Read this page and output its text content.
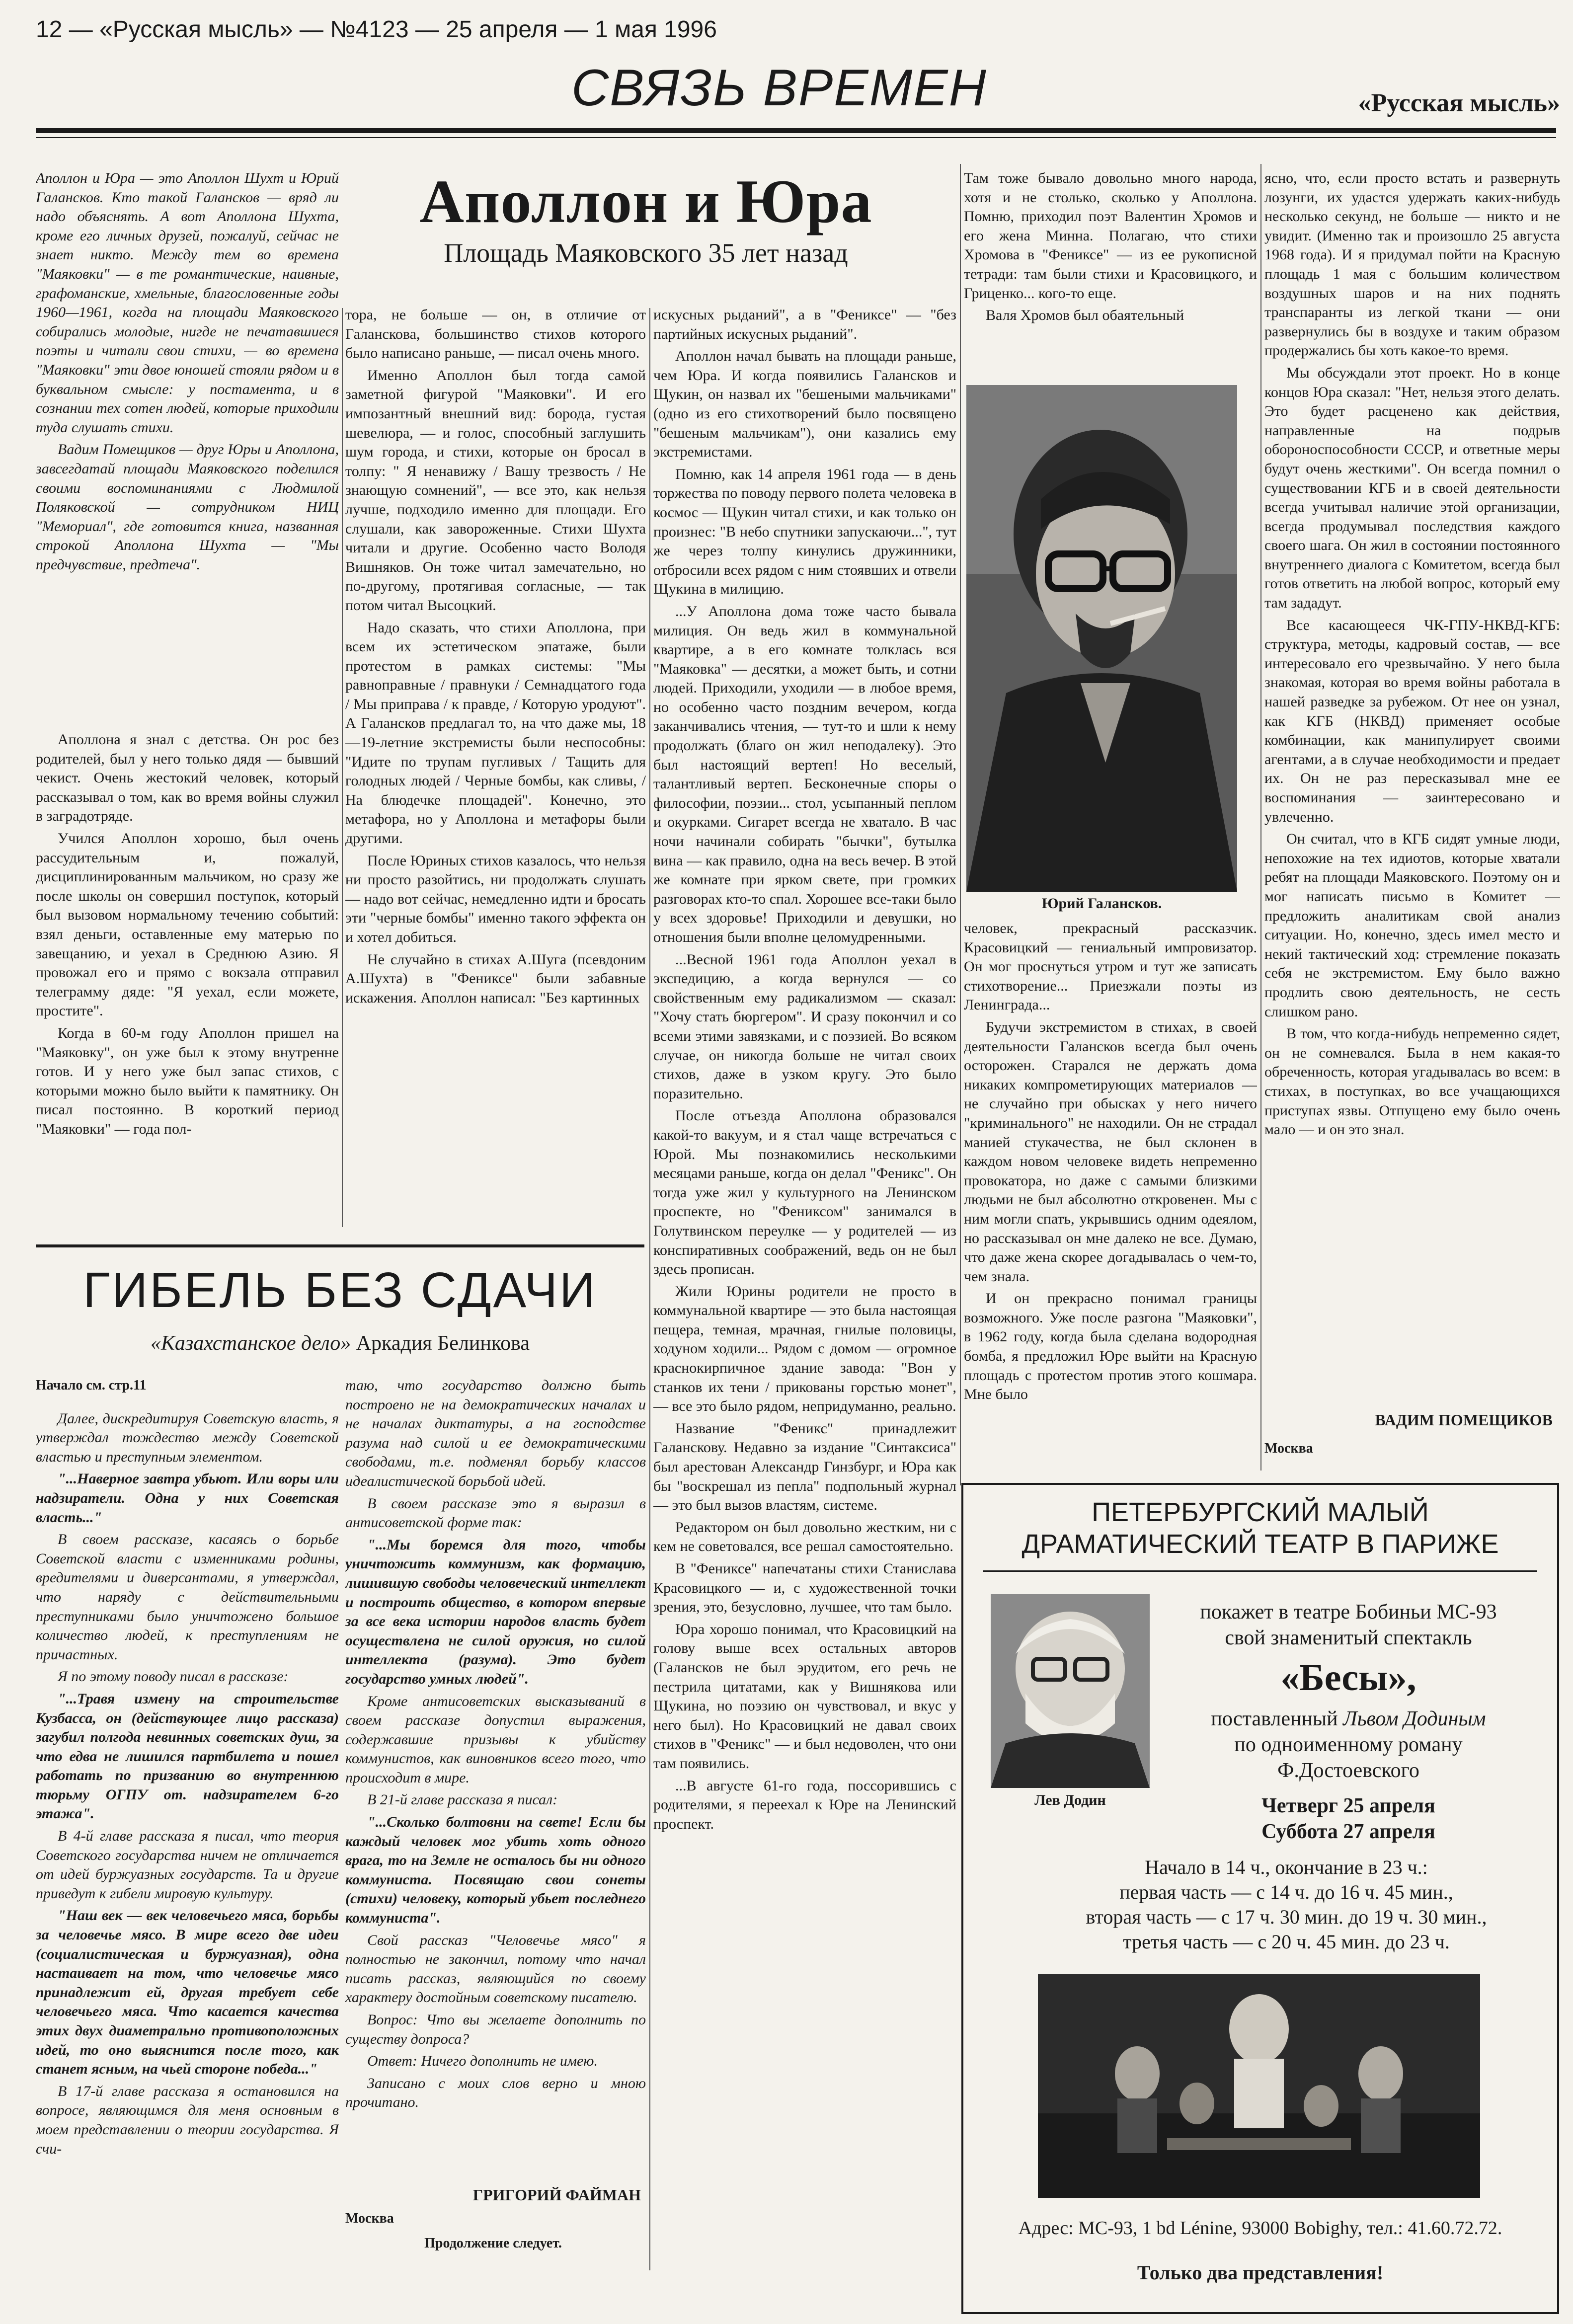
12 — «Русская мысль» — №4123 — 25 апреля — 1 мая 1996
СВЯЗЬ ВРЕМЕН	«Русская мысль»

Аполлон и Юра — это Аполлон Шухт и Юрий Галансков. Кто такой Галансков — вряд ли надо объяснять. А вот Аполлона Шухта, кроме его личных друзей, пожалуй, сейчас не знает никто. Между тем во времена "Маяковки" — в те романтические, наивные, графоманские, хмельные, благословенные годы 1960—1961, когда на площади Маяковского собирались молодые, нигде не печатавшиеся поэты и читали свои стихи, — во времена "Маяковки" эти двое юношей стояли рядом и в буквальном смысле: у постамента, и в сознании тех сотен людей, которые приходили туда слушать стихи.

Вадим Помещиков — друг Юры и Аполлона, завсегдатай площади Маяковского поделился своими воспоминаниями с Людмилой Поляковской — сотрудником НИЦ "Мемориал", где готовится книга, названная строкой Аполлона Шухта — "Мы предчувствие, предтеча".

Аполлон и Юра
Площадь Маяковского 35 лет назад

Аполлона я знал с детства. Он рос без родителей, был у него только дядя — бывший чекист. Очень жестокий человек, который рассказывал о том, как во время войны служил в заградотряде.

Учился Аполлон хорошо, был очень рассудительным и, пожалуй, дисциплинированным мальчиком, но сразу же после школы он совершил поступок, который был вызовом нормальному течению событий: взял деньги, оставленные ему матерью по завещанию, и уехал в Среднюю Азию. Я провожал его и прямо с вокзала отправил телеграмму дяде: "Я уехал, если можете, простите".

Когда в 60-м году Аполлон пришел на "Маяковку", он уже был к этому внутренне готов. И у него уже был запас стихов, с которыми можно было выйти к памятнику. Он писал постоянно. В короткий период "Маяковки" — года пол-

тора, не больше — он, в отличие от Галанскова, большинство стихов которого было написано раньше, — писал очень много.

Именно Аполлон был тогда самой заметной фигурой "Маяковки". И его импозантный внешний вид: борода, густая шевелюра, — и голос, способный заглушить шум города, и стихи, которые он бросал в толпу: " Я ненавижу / Вашу трезвость / Не знающую сомнений", — все это, как нельзя лучше, подходило именно для площади. Его слушали, как завороженные. Стихи Шухта читали и другие. Особенно часто Володя Вишняков. Он тоже читал замечательно, но по-другому, протягивая согласные, — так потом читал Высоцкий.

Надо сказать, что стихи Аполлона, при всем их эстетическом эпатаже, были протестом в рамках системы: "Мы равноправные / правнуки / Семнадцатого года / Мы приправа / к правде, / Которую уродуют". А Галансков предлагал то, на что даже мы, 18—19-летние экстремисты были неспособны: "Идите по трупам пугливых / Тащить для голодных людей / Черные бомбы, как сливы, / На блюдечке площадей". Конечно, это метафора, но у Аполлона и метафоры были другими.

После Юриных стихов казалось, что нельзя ни просто разойтись, ни продолжать слушать — надо вот сейчас, немедленно идти и бросать эти "черные бомбы" именно такого эффекта он и хотел добиться.

Не случайно в стихах А.Шуга (псевдоним А.Шухта) в "Фениксе" были забавные искажения. Аполлон написал: "Без картинных

искусных рыданий", а в "Фениксе" — "без партийных искусных рыданий".

Аполлон начал бывать на площади раньше, чем Юра. И когда появились Галансков и Щукин, он назвал их "бешеными мальчиками" (одно из его стихотворений было посвящено "бешеным мальчикам"), они казались ему экстремистами.

Помню, как 14 апреля 1961 года — в день торжества по поводу первого полета человека в космос — Щукин читал стихи, и как только он произнес: "В небо спутники запускаючи...", тут же через толпу кинулись дружинники, отбросили всех рядом с ним стоявших и отвели Щукина в милицию.

...У Аполлона дома тоже часто бывала милиция. Он ведь жил в коммунальной квартире, а в его комнате толклась вся "Маяковка" — десятки, а может быть, и сотни людей. Приходили, уходили — в любое время, но особенно часто поздним вечером, когда заканчивались чтения, — тут-то и шли к нему продолжать (благо он жил неподалеку). Это был настоящий вертеп! Но веселый, талантливый вертеп. Бесконечные споры о философии, поэзии... стол, усыпанный пеплом и окурками. Сигарет всегда не хватало. В час ночи начинали собирать "бычки", бутылка вина — как правило, одна на весь вечер. В этой же комнате при ярком свете, при громких разговорах кто-то спал. Хорошее все-таки было у всех здоровье! Приходили и девушки, но отношения были вполне целомудренными.

...Весной 1961 года Аполлон уехал в экспедицию, а когда вернулся — со свойственным ему радикализмом — сказал: "Хочу стать бюргером". И сразу покончил и со всеми этими завязками, и с поэзией. Во всяком случае, он никогда больше не читал своих стихов, даже в узком кругу. Это было поразительно.

После отъезда Аполлона образовался какой-то вакуум, и я стал чаще встречаться с Юрой. Мы познакомились несколькими месяцами раньше, когда он делал "Феникс". Он тогда уже жил у культурного на Ленинском проспекте, но "Фениксом" занимался в Голутвинском переулке — у родителей — из конспиративных соображений, ведь он не был здесь прописан.

Жили Юрины родители не просто в коммунальной квартире — это была настоящая пещера, темная, мрачная, гнилые половицы, ходуном ходили... Рядом с домом — огромное краснокирпичное здание завода: "Вон у станков их тени / прикованы горстью монет", — все это было рядом, непридуманно, реально.

Название "Феникс" принадлежит Галанскову. Недавно за издание "Синтаксиса" был арестован Александр Гинзбург, и Юра как бы "воскрешал из пепла" подпольный журнал — это был вызов властям, системе.

Редактором он был довольно жестким, ни с кем не советовался, все решал самостоятельно.

В "Фениксе" напечатаны стихи Станислава Красовицкого — и, с художественной точки зрения, это, безусловно, лучшее, что там было.

Юра хорошо понимал, что Красовицкий на голову выше всех остальных авторов (Галансков не был эрудитом, его речь не пестрила цитатами, как у Вишнякова или Щукина, но поэзию он чувствовал, и вкус у него был). Но Красовицкий не давал своих стихов в "Феникс" — и был недоволен, что они там появились.

...В августе 61-го года, поссорившись с родителями, я переехал к Юре на Ленинский проспект.

Там тоже бывало довольно много народа, хотя и не столько, сколько у Аполлона. Помню, приходил поэт Валентин Хромов и его жена Минна. Полагаю, что стихи Хромова в "Фениксе" — из ее рукописной тетради: там были стихи и Красовицкого, и Гриценко... кого-то еще.

Валя Хромов был обаятельный

Юрий Галансков.

человек, прекрасный рассказчик. Красовицкий — гениальный импровизатор. Он мог проснуться утром и тут же записать стихотворение... Приезжали поэты из Ленинграда...

Будучи экстремистом в стихах, в своей деятельности Галансков всегда был очень осторожен. Старался не держать дома никаких компрометирующих материалов — не случайно при обысках у него ничего "криминального" не находили. Он не страдал манией стукачества, не был склонен в каждом новом человеке видеть непременно провокатора, но даже с самыми близкими людьми не был абсолютно откровенен. Мы с ним могли спать, укрывшись одним одеялом, но рассказывал он мне далеко не все. Думаю, что даже жена скорее догадывалась о чем-то, чем знала.

И он прекрасно понимал границы возможного. Уже после разгона "Маяковки", в 1962 году, когда была сделана водородная бомба, я предложил Юре выйти на Красную площадь с протестом против этого кошмара. Мне было

ясно, что, если просто встать и развернуть лозунги, их удастся удержать каких-нибудь несколько секунд, не больше — никто и не увидит. (Именно так и произошло 25 августа 1968 года). И я придумал пойти на Красную площадь 1 мая с большим количеством воздушных шаров и на них поднять транспаранты из легкой ткани — они развернулись бы в воздухе и таким образом продержались бы хоть какое-то время.

Мы обсуждали этот проект. Но в конце концов Юра сказал: "Нет, нельзя этого делать. Это будет расценено как действия, направленные на подрыв обороноспособности СССР, и ответные меры будут очень жесткими". Он всегда помнил о существовании КГБ и в своей деятельности всегда учитывал наличие этой организации, всегда продумывал последствия каждого своего шага. Он жил в состоянии постоянного внутреннего диалога с Комитетом, всегда был готов ответить на любой вопрос, который ему там зададут.

Все касающееся ЧК-ГПУ-НКВД-КГБ: структура, методы, кадровый состав, — все интересовало его чрезвычайно. У него была знакомая, которая во время войны работала в нашей разведке за рубежом. От нее он узнал, как КГБ (НКВД) применяет особые комбинации, как манипулирует своими агентами, а в случае необходимости и предает их. Он не раз пересказывал мне ее воспоминания — заинтересовано и увлеченно.

Он считал, что в КГБ сидят умные люди, непохожие на тех идиотов, которые хватали ребят на площади Маяковского. Поэтому он и мог написать письмо в Комитет — предложить аналитикам свой анализ ситуации. Но, конечно, здесь имел место и некий тактический ход: стремление показать себя не экстремистом. Ему было важно продлить свою деятельность, не сесть слишком рано.

В том, что когда-нибудь непременно сядет, он не сомневался. Была в нем какая-то обреченность, которая угадывалась во всем: в стихах, в поступках, во все учащающихся приступах язвы. Отпущено ему было очень мало — и он это знал.

ВАДИМ ПОМЕЩИКОВ
Москва
ГИБЕЛЬ БЕЗ СДАЧИ
«Казахстанское дело» Аркадия Белинкова

Начало см. стр.11

Далее, дискредитируя Советскую власть, я утверждал тождество между Советской властью и преступным элементом.

"...Наверное завтра убьют. Или воры или надзиратели. Одна у них Советская власть..."

В своем рассказе, касаясь о борьбе Советской власти с изменниками родины, вредителями и диверсантами, я утверждал, что наряду с действительными преступниками было уничтожено большое количество людей, к преступлениям не причастных.

Я по этому поводу писал в рассказе:

"...Травя измену на строительстве Кузбасса, он (действующее лицо рассказа) загубил полгода невинных советских душ, за что едва не лишился партбилета и пошел работать по призванию во внутреннюю тюрьму ОГПУ от. надзирателем 6-го этажа".

В 4-й главе рассказа я писал, что теория Советского государства ничем не отличается от идей буржуазных государств. Та и другие приведут к гибели мировую культуру.

"Наш век — век человечьего мяса, борьбы за человечье мясо. В мире всего две идеи (социалистическая и буржуазная), одна настаивает на том, что человечье мясо принадлежит ей, другая требует себе человечьего мяса. Что касается качества этих двух диаметрально противоположных идей, то оно выяснится после того, как станет ясным, на чьей стороне победа..."

В 17-й главе рассказа я остановился на вопросе, являющимся для меня основным в моем представлении о теории государства. Я счи-

таю, что государство должно быть построено не на демократических началах и не началах диктатуры, а на господстве разума над силой и ее демократическими свободами, т.е. подменял борьбу классов идеалистической борьбой идей.

В своем рассказе это я выразил в антисоветской форме так:

"...Мы боремся для того, чтобы уничтожить коммунизм, как формацию, лишившую свободы человеческий интеллект и построить общество, в котором впервые за все века истории народов власть будет осуществлена не силой оружия, но силой интеллекта (разума). Это будет государство умных людей".

Кроме антисоветских высказываний в своем рассказе допустил выражения, содержавшие призывы к убийству коммунистов, как виновников всего того, что происходит в мире.

В 21-й главе рассказа я писал:

"...Сколько болтовни на свете! Если бы каждый человек мог убить хоть одного врага, то на Земле не осталось бы ни одного коммуниста. Посвящаю свои сонеты (стихи) человеку, который убьет последнего коммуниста".

Свой рассказ "Человечье мясо" я полностью не закончил, потому что начал писать рассказ, являющийся по своему характеру достойным советскому писателю.

Вопрос: Что вы желаете дополнить по существу допроса?

Ответ: Ничего дополнить не имею.

Записано с моих слов верно и мною прочитано.

ГРИГОРИЙ ФАЙМАН
Москва
Продолжение следует.
ПЕТЕРБУРГСКИЙ МАЛЫЙ
ДРАМАТИЧЕСКИЙ ТЕАТР В ПАРИЖЕ
Лев Додин
покажет в театре Бобиньи МС-93
свой знаменитый спектакль
«Бесы»,
поставленный Львом Додиным
по одноименному роману
Ф.Достоевского
Четверг 25 апреля
Суббота 27 апреля
Начало в 14 ч., окончание в 23 ч.:
первая часть — с 14 ч. до 16 ч. 45 мин.,
вторая часть — с 17 ч. 30 мин. до 19 ч. 30 мин.,
третья часть — с 20 ч. 45 мин. до 23 ч.
Адрес: МС-93, 1 bd Lénine, 93000 Bobighy, тел.: 41.60.72.72.
Только два представления!
